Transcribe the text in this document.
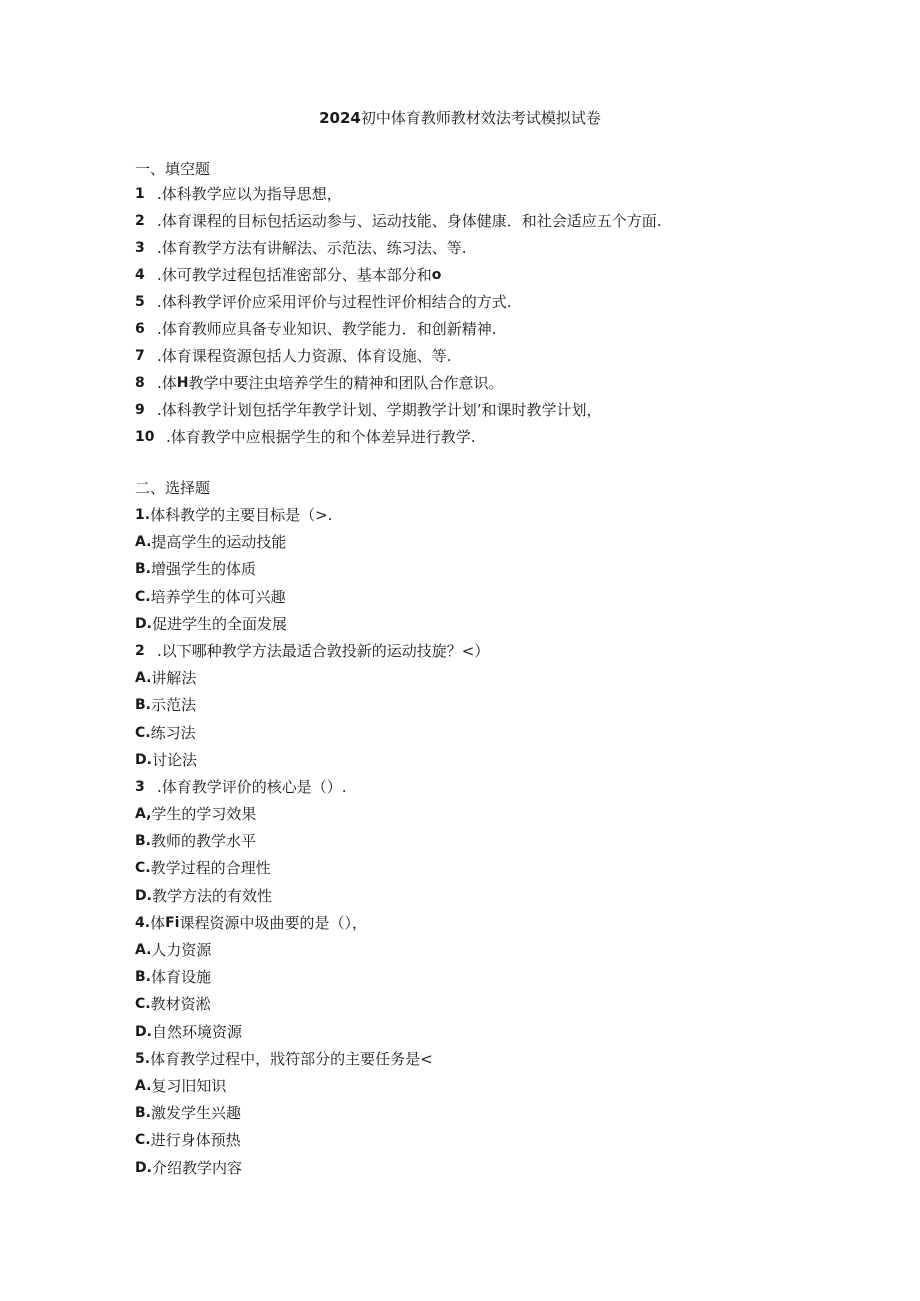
2024初中体育教师教材效法考试模拟试卷
一、填空题
1 .体科教学应以为指导思想，
2 .体育课程的目标包括运动参与、运动技能、身体健康．和社会适应五个方面.
3 .体育教学方法有讲解法、示范法、练习法、等.
4 .休可教学过程包括准密部分、基本部分和 o
5 .体科教学评价应采用评价与过程性评价相结合的方式.
6 .体育教师应具备专业知识、教学能力．和创新精神.
7 .体育课程资源包括人力资源、体育设施、等.
8 .体 H 教学中要注虫培养学生的精神和团队合作意识。
9 .体科教学计划包括学年教学计划、学期教学计划’和课时教学计划，
10 .体育教学中应根据学生的和个体差异进行教学.
二、选择题
1. 体科教学的主要目标是（>.
A. 提高学生的运动技能
B. 增强学生的体质
C. 培养学生的体可兴趣
D. 促进学生的全面发展
2 .以下哪种教学方法最适合敦投新的运动技旋？<）
A. 讲解法
B. 示范法
C. 练习法
D. 讨论法
3 .体育教学评价的核心是（）.
A, 学生的学习效果
B. 教师的教学水平
C. 教学过程的合理性
D. 教学方法的有效性
4. 体 Fi 课程资源中圾曲要的是（），
A. 人力资源
B. 体育设施
C. 教材资淞
D. 自然环境资源
5. 体育教学过程中，戕符部分的主要任务是<
A. 复习旧知识
B. 激发学生兴趣
C. 进行身体预热
D. 介绍教学内容
